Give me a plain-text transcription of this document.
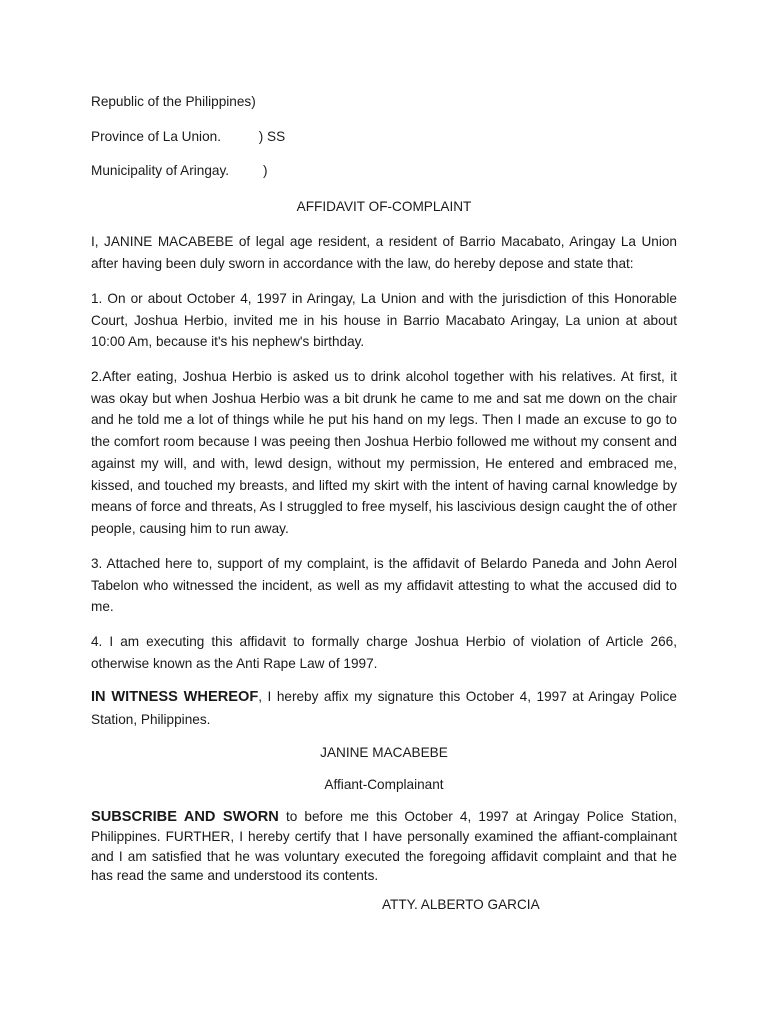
Republic of the Philippines)
Province of La Union.          ) SS
Municipality of Aringay.         )
AFFIDAVIT OF-COMPLAINT
I, JANINE MACABEBE of legal age resident, a resident of Barrio Macabato, Aringay La Union after having been duly sworn in accordance with the law, do hereby depose and state that:
1. On or about October 4, 1997 in Aringay, La Union and with the jurisdiction of this Honorable Court, Joshua Herbio, invited me in his house in Barrio Macabato Aringay, La union at about 10:00 Am, because it's his nephew's birthday.
2.After eating, Joshua Herbio is asked us to drink alcohol together with his relatives. At first, it was okay but when Joshua Herbio was a bit drunk he came to me and sat me down on the chair and he told me a lot of things while he put his hand on my legs. Then I made an excuse to go to the comfort room because I was peeing then Joshua Herbio followed me without my consent and against my will, and with, lewd design, without my permission, He entered and embraced me, kissed, and touched my breasts, and lifted my skirt with the intent of having carnal knowledge by means of force and threats, As I struggled to free myself, his lascivious design caught the of other people, causing him to run away.
3. Attached here to, support of my complaint, is the affidavit of Belardo Paneda and John Aerol Tabelon who witnessed the incident, as well as my affidavit attesting to what the accused did to me.
4. I am executing this affidavit to formally charge Joshua Herbio of violation of Article 266, otherwise known as the Anti Rape Law of 1997.
IN WITNESS WHEREOF, I hereby affix my signature this October 4, 1997 at Aringay Police Station, Philippines.
JANINE MACABEBE
Affiant-Complainant
SUBSCRIBE AND SWORN to before me this October 4, 1997 at Aringay Police Station, Philippines. FURTHER, I hereby certify that I have personally examined the affiant-complainant and I am satisfied that he was voluntary executed the foregoing affidavit complaint and that he has read the same and understood its contents.
ATTY. ALBERTO GARCIA
